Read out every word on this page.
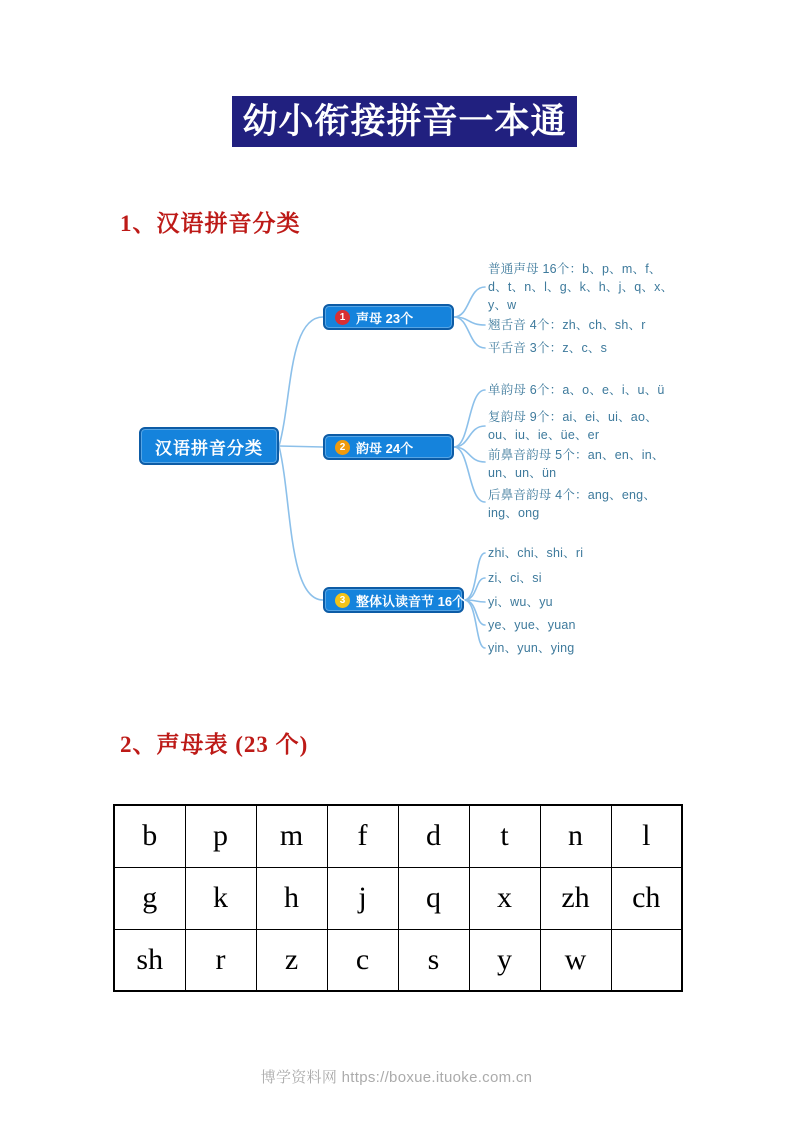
幼小衔接拼音一本通
1、汉语拼音分类
汉语拼音分类
1 声母 23个
2 韵母 24个
3 整体认读音节 16个
普通声母 16个：b、p、m、f、d、t、n、l、g、k、h、j、q、x、y、w
翘舌音 4个：zh、ch、sh、r
平舌音 3个：z、c、s
单韵母 6个：a、o、e、i、u、ü
复韵母 9个：ai、ei、ui、ao、ou、iu、ie、üe、er
前鼻音韵母 5个：an、en、in、un、un、ün
后鼻音韵母 4个：ang、eng、ing、ong
zhi、chi、shi、ri
zi、ci、si
yi、wu、yu
ye、yue、yuan
yin、yun、ying
2、声母表 (23 个)
b	p	m	f	d	t	n	l
g	k	h	j	q	x	zh	ch
sh	r	z	c	s	y	w	
博学资料网 https://boxue.ituoke.com.cn
